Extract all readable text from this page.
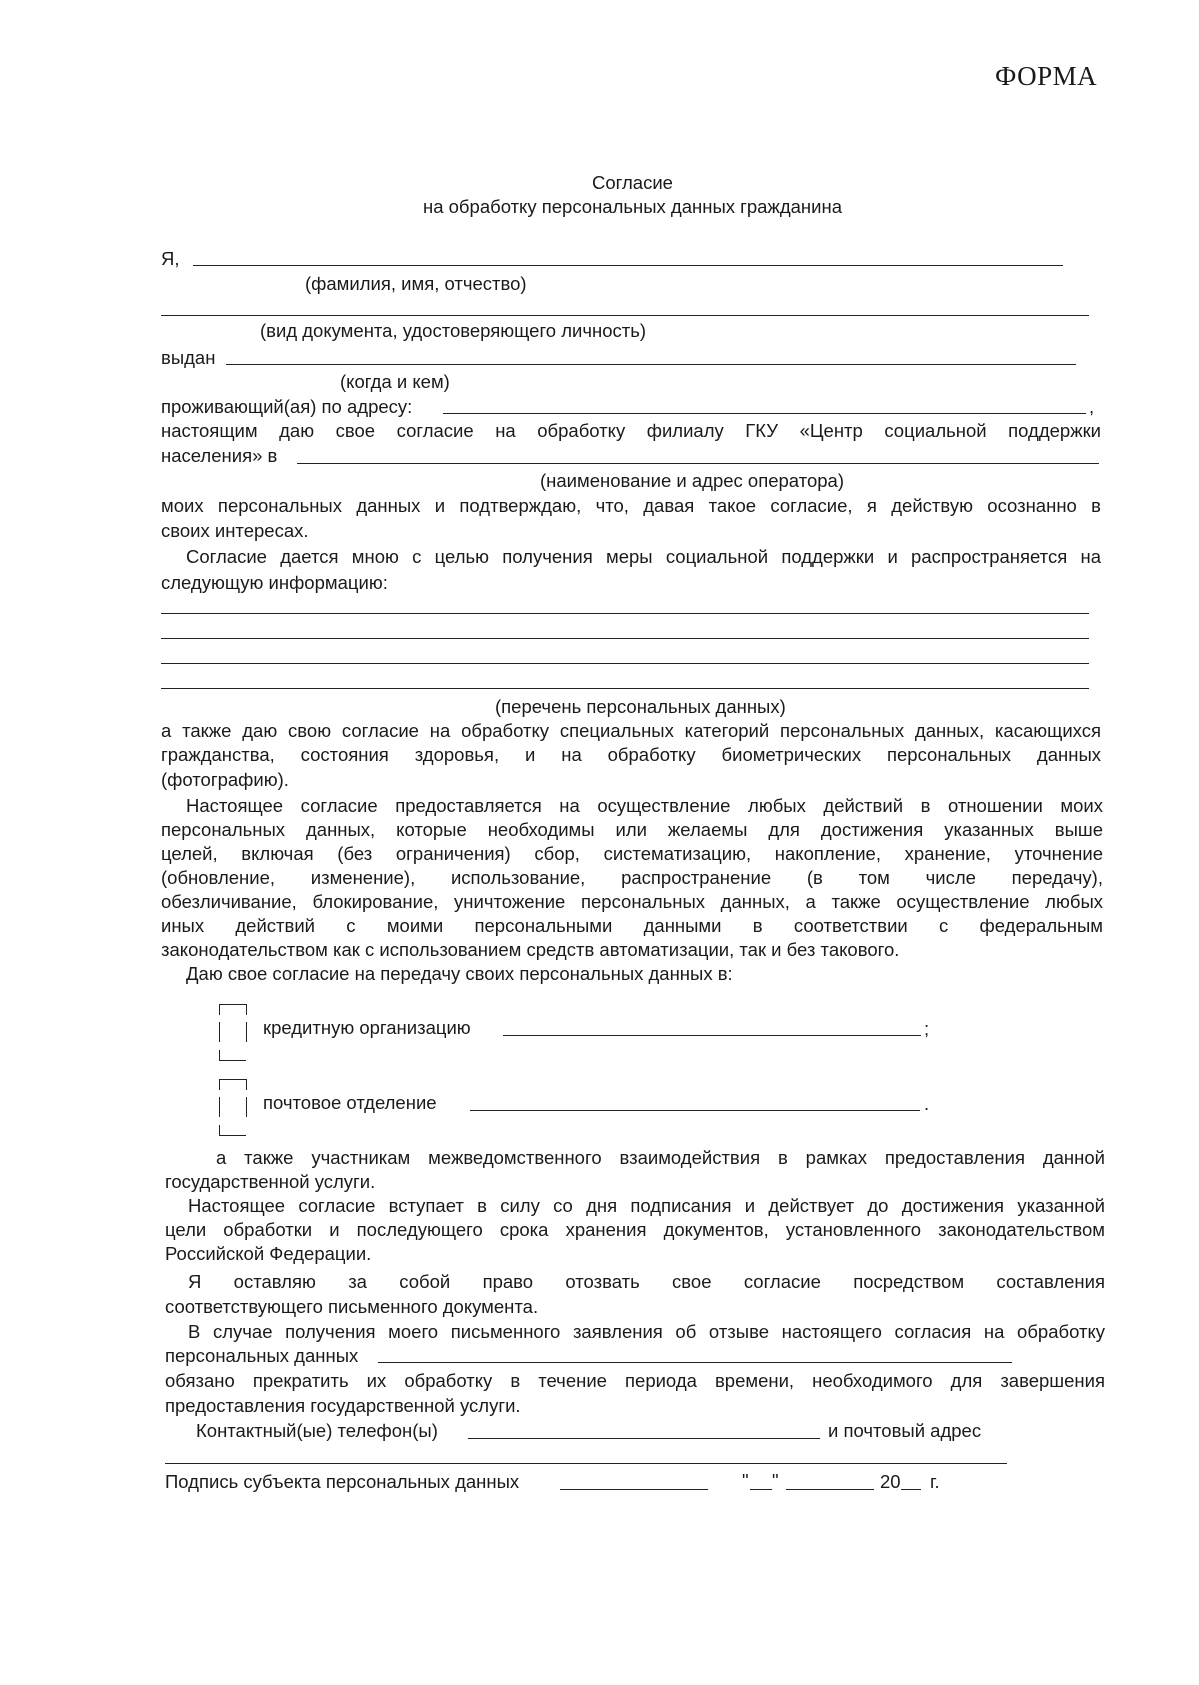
ФОРМА
Согласие
на обработку персональных данных гражданина
Я,
(фамилия, имя, отчество)
(вид документа, удостоверяющего личность)
выдан
(когда и кем)
проживающий(ая) по адресу:	,
настоящим даю свое согласие на обработку филиалу ГКУ «Центр социальной поддержки
населения» в
(наименование и адрес оператора)
моих персональных данных и подтверждаю, что, давая такое согласие, я действую осознанно в
своих интересах.
Согласие дается мною с целью получения меры социальной поддержки и распространяется на
следующую информацию:
(перечень персональных данных)
а также даю свою согласие на обработку специальных категорий персональных данных, касающихся
гражданства, состояния здоровья, и на обработку биометрических персональных данных
(фотографию).
Настоящее согласие предоставляется на осуществление любых действий в отношении моих
персональных данных, которые необходимы или желаемы для достижения указанных выше
целей, включая (без ограничения) сбор, систематизацию, накопление, хранение, уточнение
(обновление, изменение), использование, распространение (в том числе передачу),
обезличивание, блокирование, уничтожение персональных данных, а также осуществление любых
иных действий с моими персональными данными в соответствии с федеральным
законодательством как с использованием средств автоматизации, так и без такового.
Даю свое согласие на передачу своих персональных данных в:
кредитную организацию	;
почтовое отделение	.
а также участникам межведомственного взаимодействия в рамках предоставления данной
государственной услуги.
Настоящее согласие вступает в силу со дня подписания и действует до достижения указанной
цели обработки и последующего срока хранения документов, установленного законодательством
Российской Федерации.
Я оставляю за собой право отозвать свое согласие посредством составления
соответствующего письменного документа.
В случае получения моего письменного заявления об отзыве настоящего согласия на обработку
персональных данных
обязано прекратить их обработку в течение периода времени, необходимого для завершения
предоставления государственной услуги.
Контактный(ые) телефон(ы)	и почтовый адрес
Подпись субъекта персональных данных	" "	20 г.
